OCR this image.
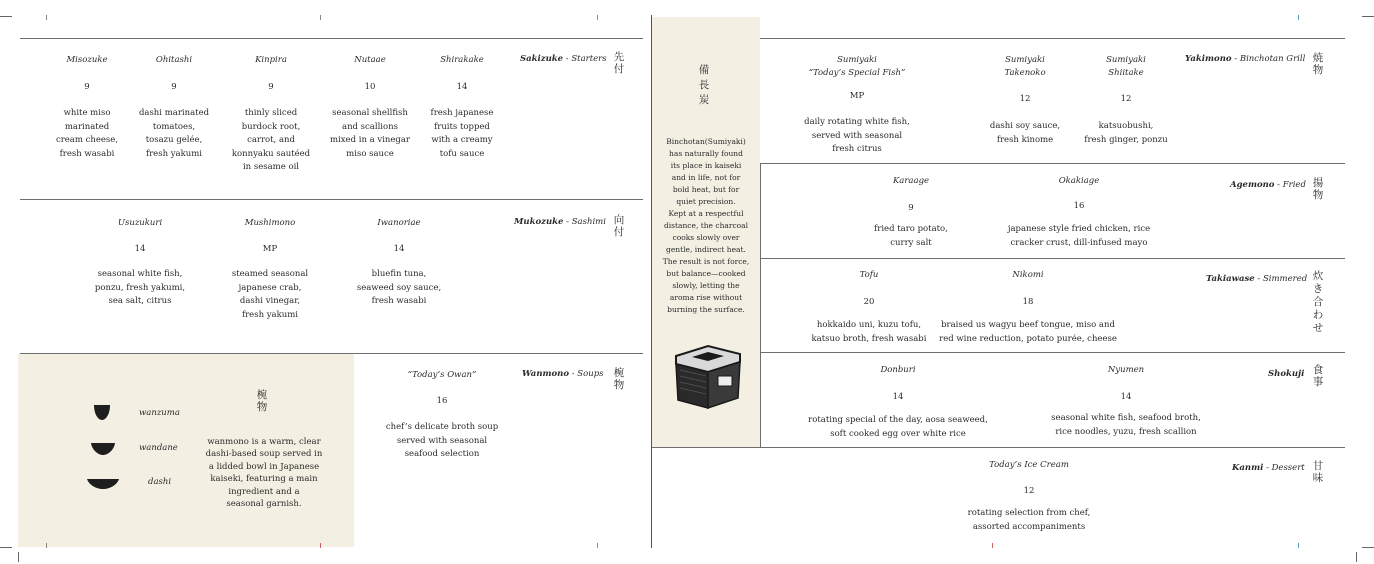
Misozuke
9
white miso
marinated
cream cheese,
fresh wasabi
Ohitashi
9
dashi marinated
tomatoes,
tosazu gelée,
fresh yakumi
Kinpira
9
thinly sliced
burdock root,
carrot, and
konnyaku sautéed
in sesame oil
Nutaae
10
seasonal shellfish
and scallions
mixed in a vinegar
miso sauce
Shirakake
14
fresh japanese
fruits topped
with a creamy
tofu sauce
Sakizuke - Starters 先
付
Usuzukuri
14
seasonal white fish,
ponzu, fresh yakumi,
sea salt, citrus
Mushimono
MP
steamed seasonal
japanese crab,
dashi vinegar,
fresh yakumi
Iwanoriae
14
bluefin tuna,
seaweed soy sauce,
fresh wasabi
Mukozuke - Sashimi 向
付
wanzuma
wandane
dashi
椀
物
wanmono is a warm, clear
dashi-based soup served in
a lidded bowl in Japanese
kaiseki, featuring a main
ingredient and a
seasonal garnish.
“Today’s Owan”
16
chef’s delicate broth soup
served with seasonal
seafood selection
Wanmono - Soups 椀
物
備
長
炭
Binchotan(Sumiyaki)
has naturally found
its place in kaiseki
and in life, not for
bold heat, but for
quiet precision.
Kept at a respectful
distance, the charcoal
cooks slowly over
gentle, indirect heat.
The result is not force,
but balance—cooked
slowly, letting the
aroma rise without
burning the surface.
Sumiyaki
“Today’s Special Fish”
MP
daily rotating white fish,
served with seasonal
fresh citrus
Sumiyaki
Takenoko
12
dashi soy sauce,
fresh kinome
Sumiyaki
Shiitake
12
katsuobushi,
fresh ginger, ponzu
Yakimono - Binchotan Grill 焼
物
Karaage
9
fried taro potato,
curry salt
Okakiage
16
japanese style fried chicken, rice
cracker crust, dill-infused mayo
Agemono - Fried 揚
物
Tofu
20
hokkaido uni, kuzu tofu,
katsuo broth, fresh wasabi
Nikomi
18
braised us wagyu beef tongue, miso and
red wine reduction, potato purée, cheese
Takiawase - Simmered 炊
き
合
わ
せ
Donburi
14
rotating special of the day, aosa seaweed,
soft cooked egg over white rice
Nyumen
14
seasonal white fish, seafood broth,
rice noodles, yuzu, fresh scallion
Shokuji 食
事
Today’s Ice Cream
12
rotating selection from chef,
assorted accompaniments
Kanmi - Dessert 甘
味
